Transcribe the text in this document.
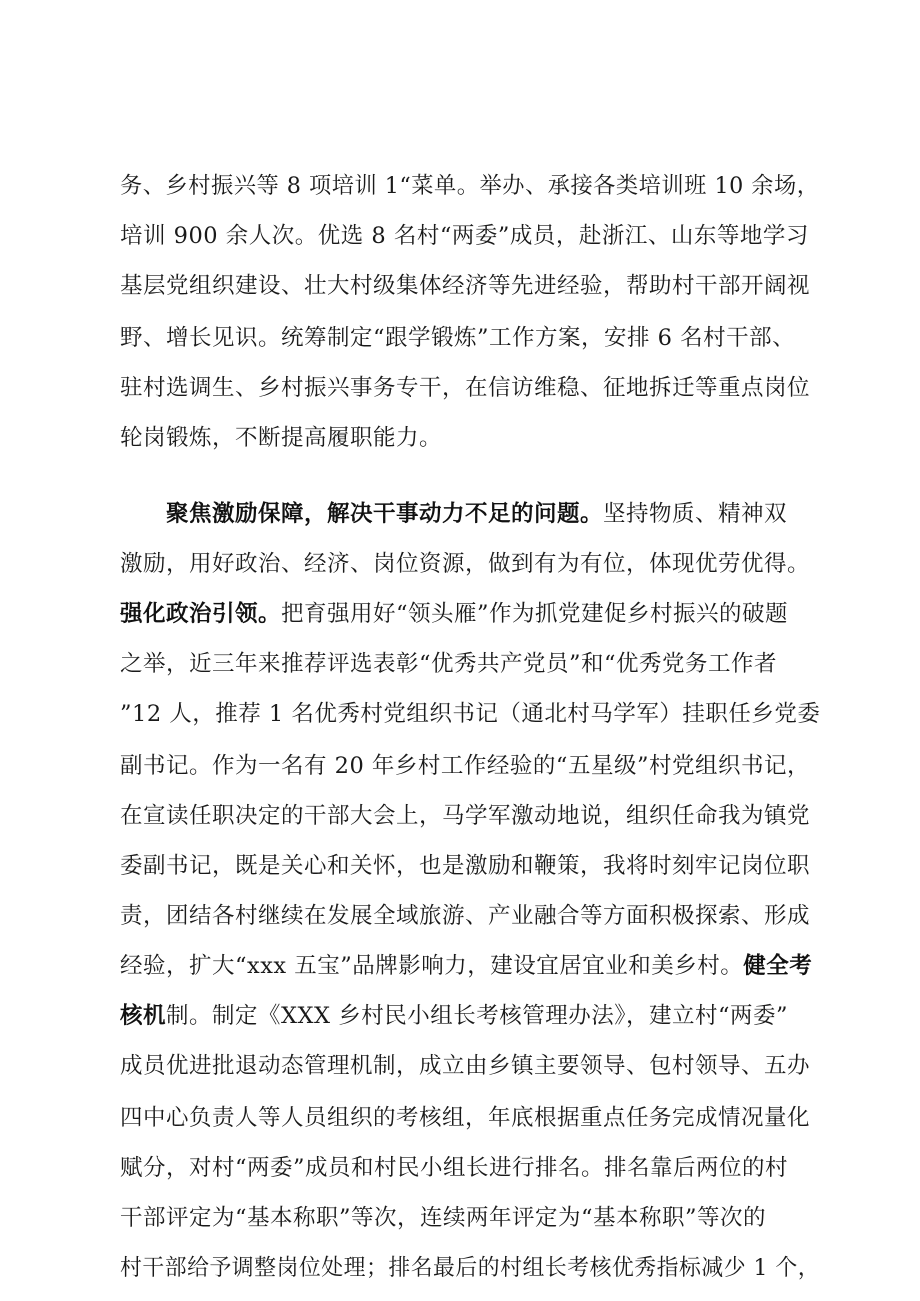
务、乡村振兴等 8 项培训 1“菜单。举办、承接各类培训班 10 余场，
培训 900 余人次。优选 8 名村“两委”成员，赴浙江、山东等地学习
基层党组织建设、壮大村级集体经济等先进经验，帮助村干部开阔视
野、增长见识。统筹制定“跟学锻炼”工作方案，安排 6 名村干部、
驻村选调生、乡村振兴事务专干，在信访维稳、征地拆迁等重点岗位
轮岗锻炼，不断提高履职能力。
聚焦激励保障，解决干事动力不足的问题。坚持物质、精神双
激励，用好政治、经济、岗位资源，做到有为有位，体现优劳优得。
强化政治引领。把育强用好“领头雁”作为抓党建促乡村振兴的破题
之举，近三年来推荐评选表彰“优秀共产党员”和“优秀党务工作者
”12 人，推荐 1 名优秀村党组织书记（通北村马学军）挂职任乡党委
副书记。作为一名有 20 年乡村工作经验的“五星级”村党组织书记，
在宣读任职决定的干部大会上，马学军激动地说，组织任命我为镇党
委副书记，既是关心和关怀，也是激励和鞭策，我将时刻牢记岗位职
责，团结各村继续在发展全域旅游、产业融合等方面积极探索、形成
经验，扩大“xxx 五宝”品牌影响力，建设宜居宜业和美乡村。健全考
核机制。制定《XXX 乡村民小组长考核管理办法》，建立村“两委”
成员优进批退动态管理机制，成立由乡镇主要领导、包村领导、五办
四中心负责人等人员组织的考核组，年底根据重点任务完成情况量化
赋分，对村“两委”成员和村民小组长进行排名。排名靠后两位的村
干部评定为“基本称职”等次，连续两年评定为“基本称职”等次的
村干部给予调整岗位处理；排名最后的村组长考核优秀指标减少 1 个，
